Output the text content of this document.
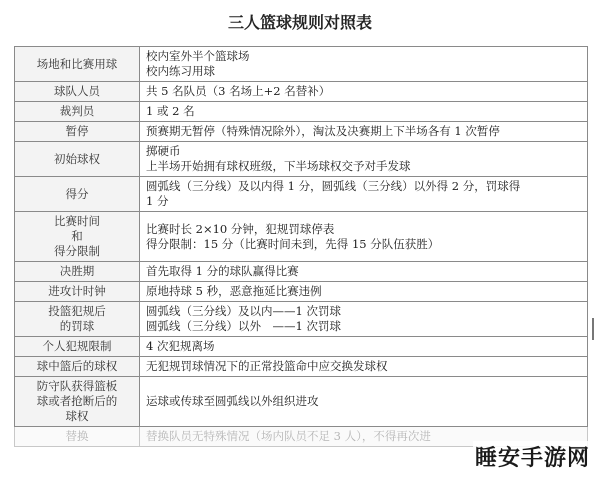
三人篮球规则对照表
场地和比赛用球	校内室外半个篮球场
校内练习用球

球队人员	共 5 名队员（3 名场上+2 名替补）

裁判员	1 或 2 名

暂停	预赛期无暂停（特殊情况除外），淘汰及决赛期上下半场各有 1 次暂停

初始球权	掷硬币
上半场开始拥有球权班级，下半场球权交予对手发球

得分	圆弧线（三分线）及以内得 1 分，圆弧线（三分线）以外得 2 分，罚球得
1 分

比赛时间
和
得分限制	比赛时长 2×10 分钟，犯规罚球停表
得分限制：15 分（比赛时间未到，先得 15 分队伍获胜）

决胜期	首先取得 1 分的球队赢得比赛

进攻计时钟	原地持球 5 秒，恶意拖延比赛违例

投篮犯规后
的罚球	圆弧线（三分线）及以内——1 次罚球
圆弧线（三分线）以外　——1 次罚球

个人犯规限制	4 次犯规离场

球中篮后的球权	无犯规罚球情况下的正常投篮命中应交换发球权

防守队获得篮板
球或者抢断后的
球权	运球或传球至圆弧线以外组织进攻

替换	替换队员无特殊情况（场内队员不足 3 人），不得再次进
睡安手游网
